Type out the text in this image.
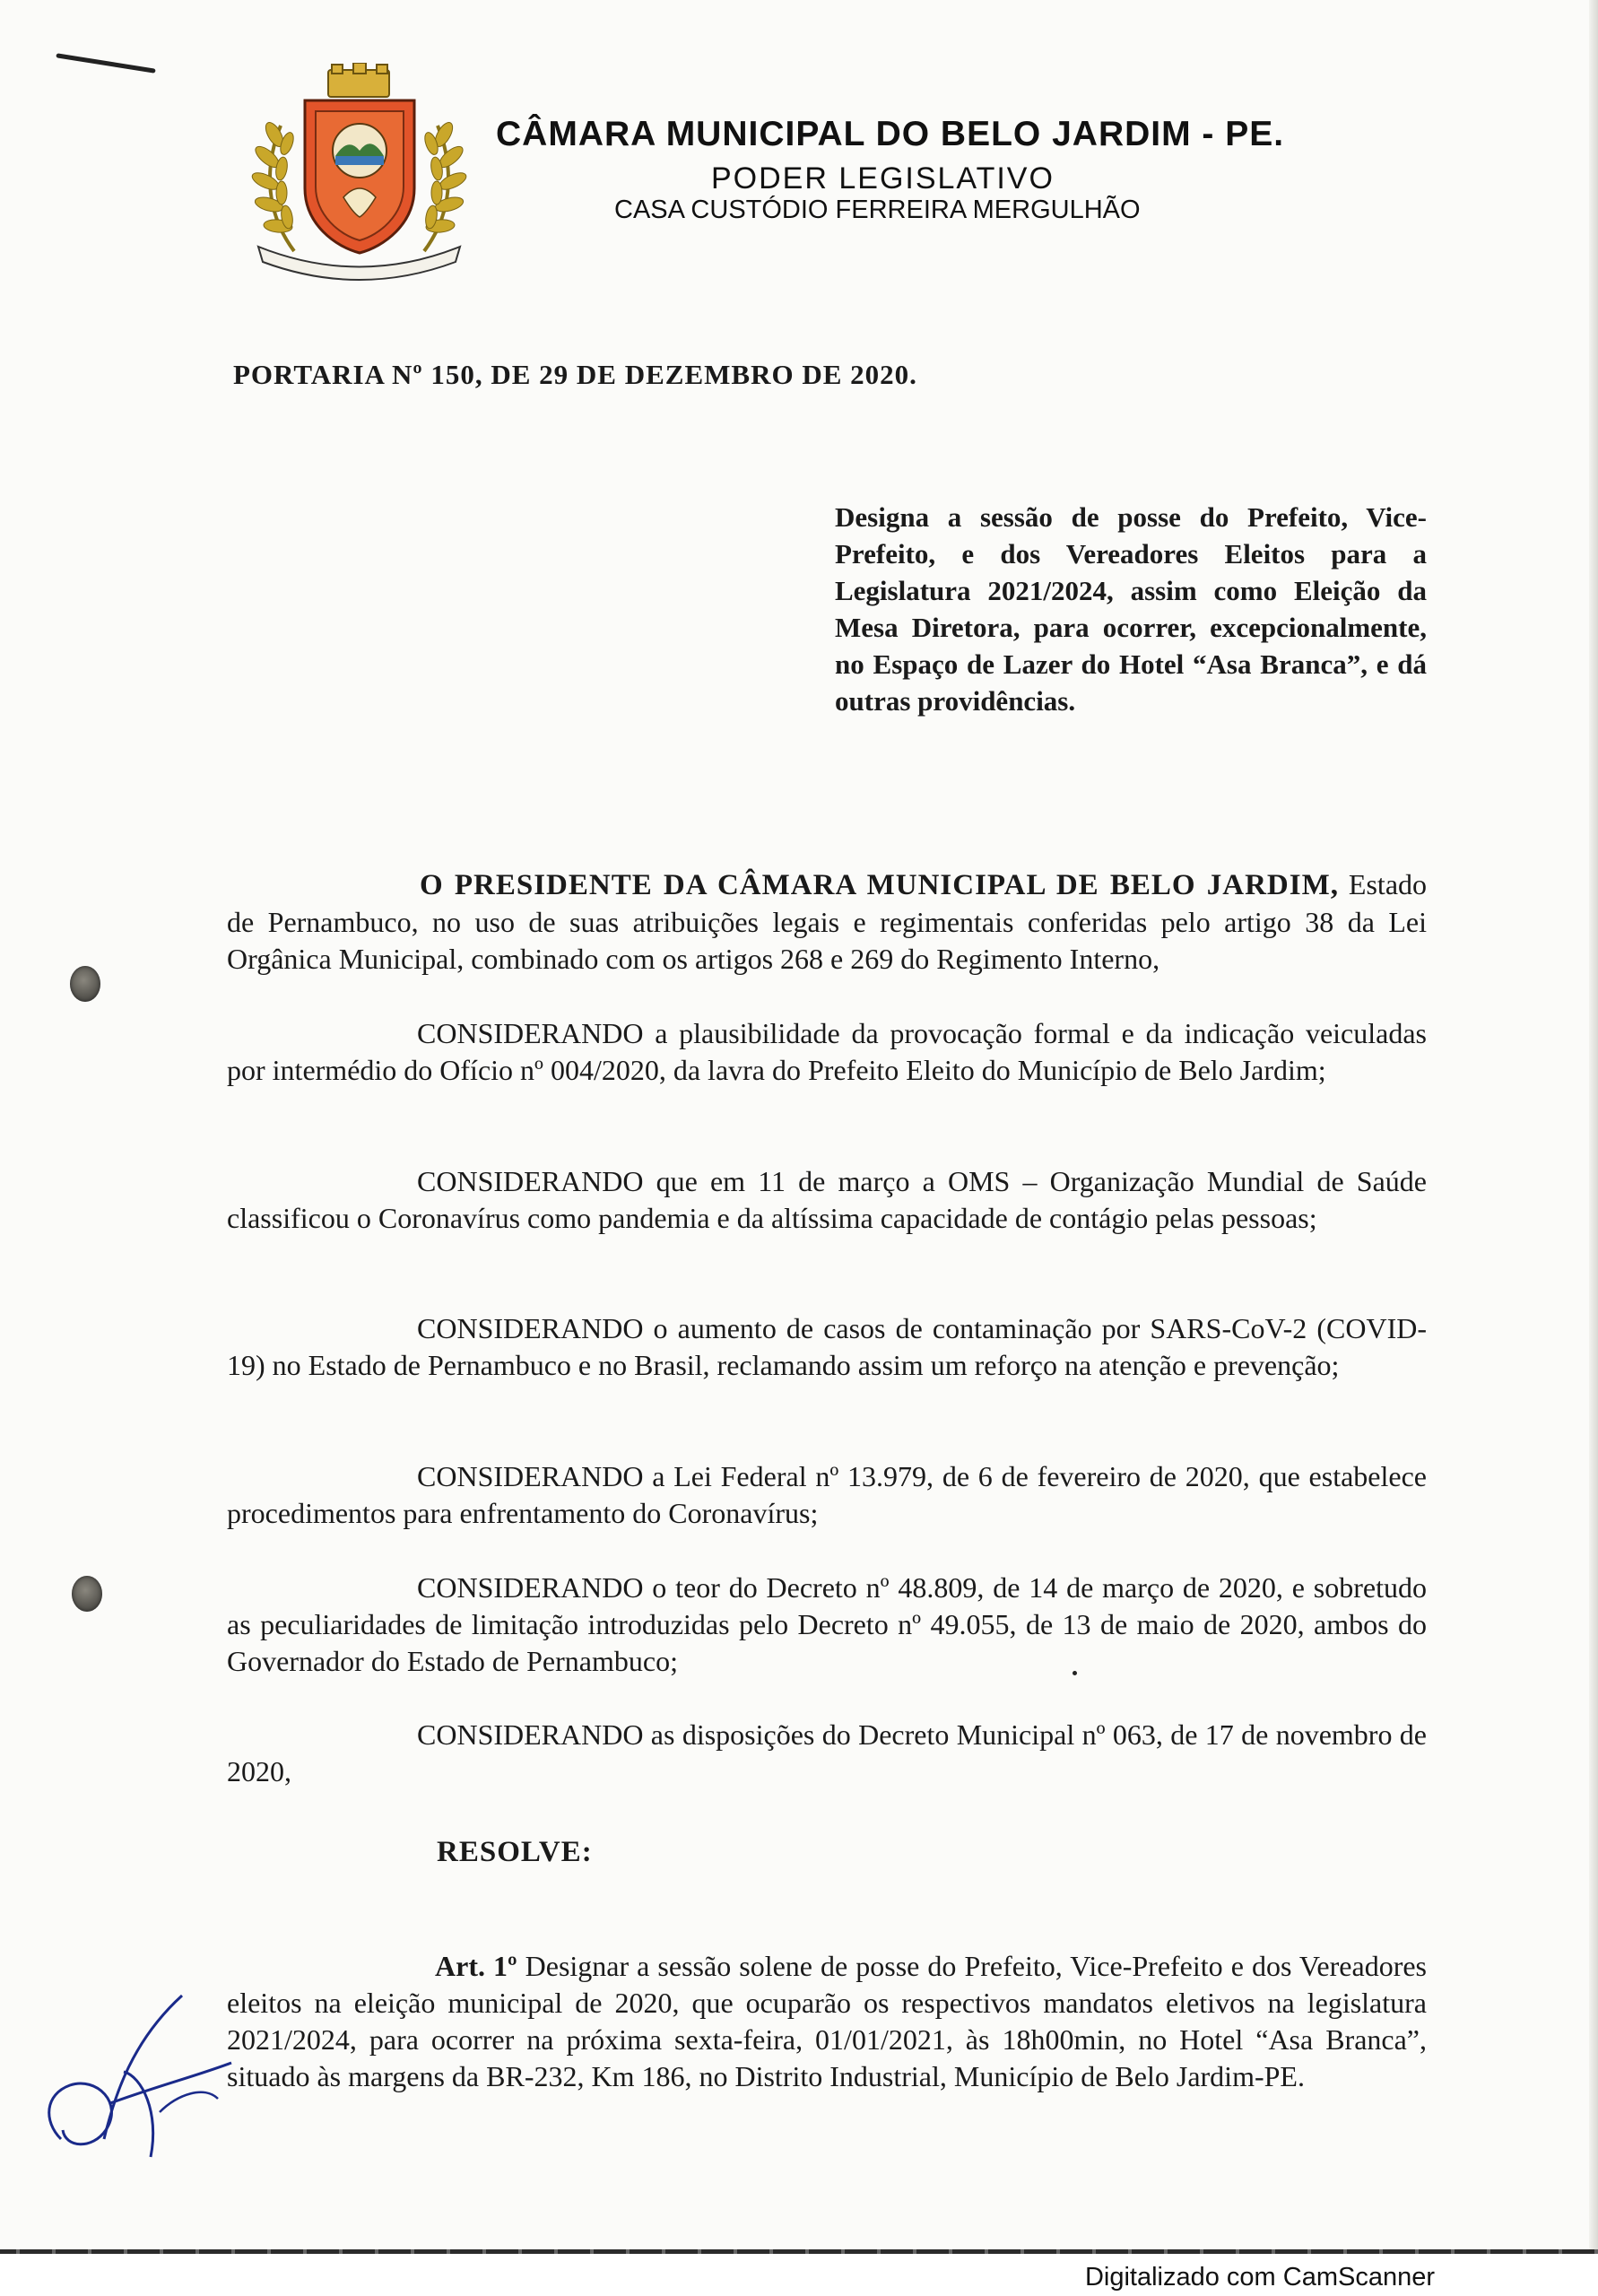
CÂMARA MUNICIPAL DO BELO JARDIM - PE.
PODER LEGISLATIVO
CASA CUSTÓDIO FERREIRA MERGULHÃO
PORTARIA Nº 150, DE 29 DE DEZEMBRO DE 2020.
Designa a sessão de posse do Prefeito, Vice-Prefeito, e dos Vereadores Eleitos para a Legislatura 2021/2024, assim como Eleição da Mesa Diretora, para ocorrer, excepcionalmente, no Espaço de Lazer do Hotel “Asa Branca”, e dá outras providências.
O PRESIDENTE DA CÂMARA MUNICIPAL DE BELO JARDIM, Estado de Pernambuco, no uso de suas atribuições legais e regimentais conferidas pelo artigo 38 da Lei Orgânica Municipal, combinado com os artigos 268 e 269 do Regimento Interno,
CONSIDERANDO a plausibilidade da provocação formal e da indicação veiculadas por intermédio do Ofício nº 004/2020, da lavra do Prefeito Eleito do Município de Belo Jardim;
CONSIDERANDO que em 11 de março a OMS – Organização Mundial de Saúde classificou o Coronavírus como pandemia e da altíssima capacidade de contágio pelas pessoas;
CONSIDERANDO o aumento de casos de contaminação por SARS-CoV-2 (COVID-19) no Estado de Pernambuco e no Brasil, reclamando assim um reforço na atenção e prevenção;
CONSIDERANDO a Lei Federal nº 13.979, de 6 de fevereiro de 2020, que estabelece procedimentos para enfrentamento do Coronavírus;
CONSIDERANDO o teor do Decreto nº 48.809, de 14 de março de 2020, e sobretudo as peculiaridades de limitação introduzidas pelo Decreto nº 49.055, de 13 de maio de 2020, ambos do Governador do Estado de Pernambuco;
CONSIDERANDO as disposições do Decreto Municipal nº 063, de 17 de novembro de 2020,
RESOLVE:
Art. 1º Designar a sessão solene de posse do Prefeito, Vice-Prefeito e dos Vereadores eleitos na eleição municipal de 2020, que ocuparão os respectivos mandatos eletivos na legislatura 2021/2024, para ocorrer na próxima sexta-feira, 01/01/2021, às 18h00min, no Hotel “Asa Branca”, situado às margens da BR-232, Km 186, no Distrito Industrial, Município de Belo Jardim-PE.
Digitalizado com CamScanner
